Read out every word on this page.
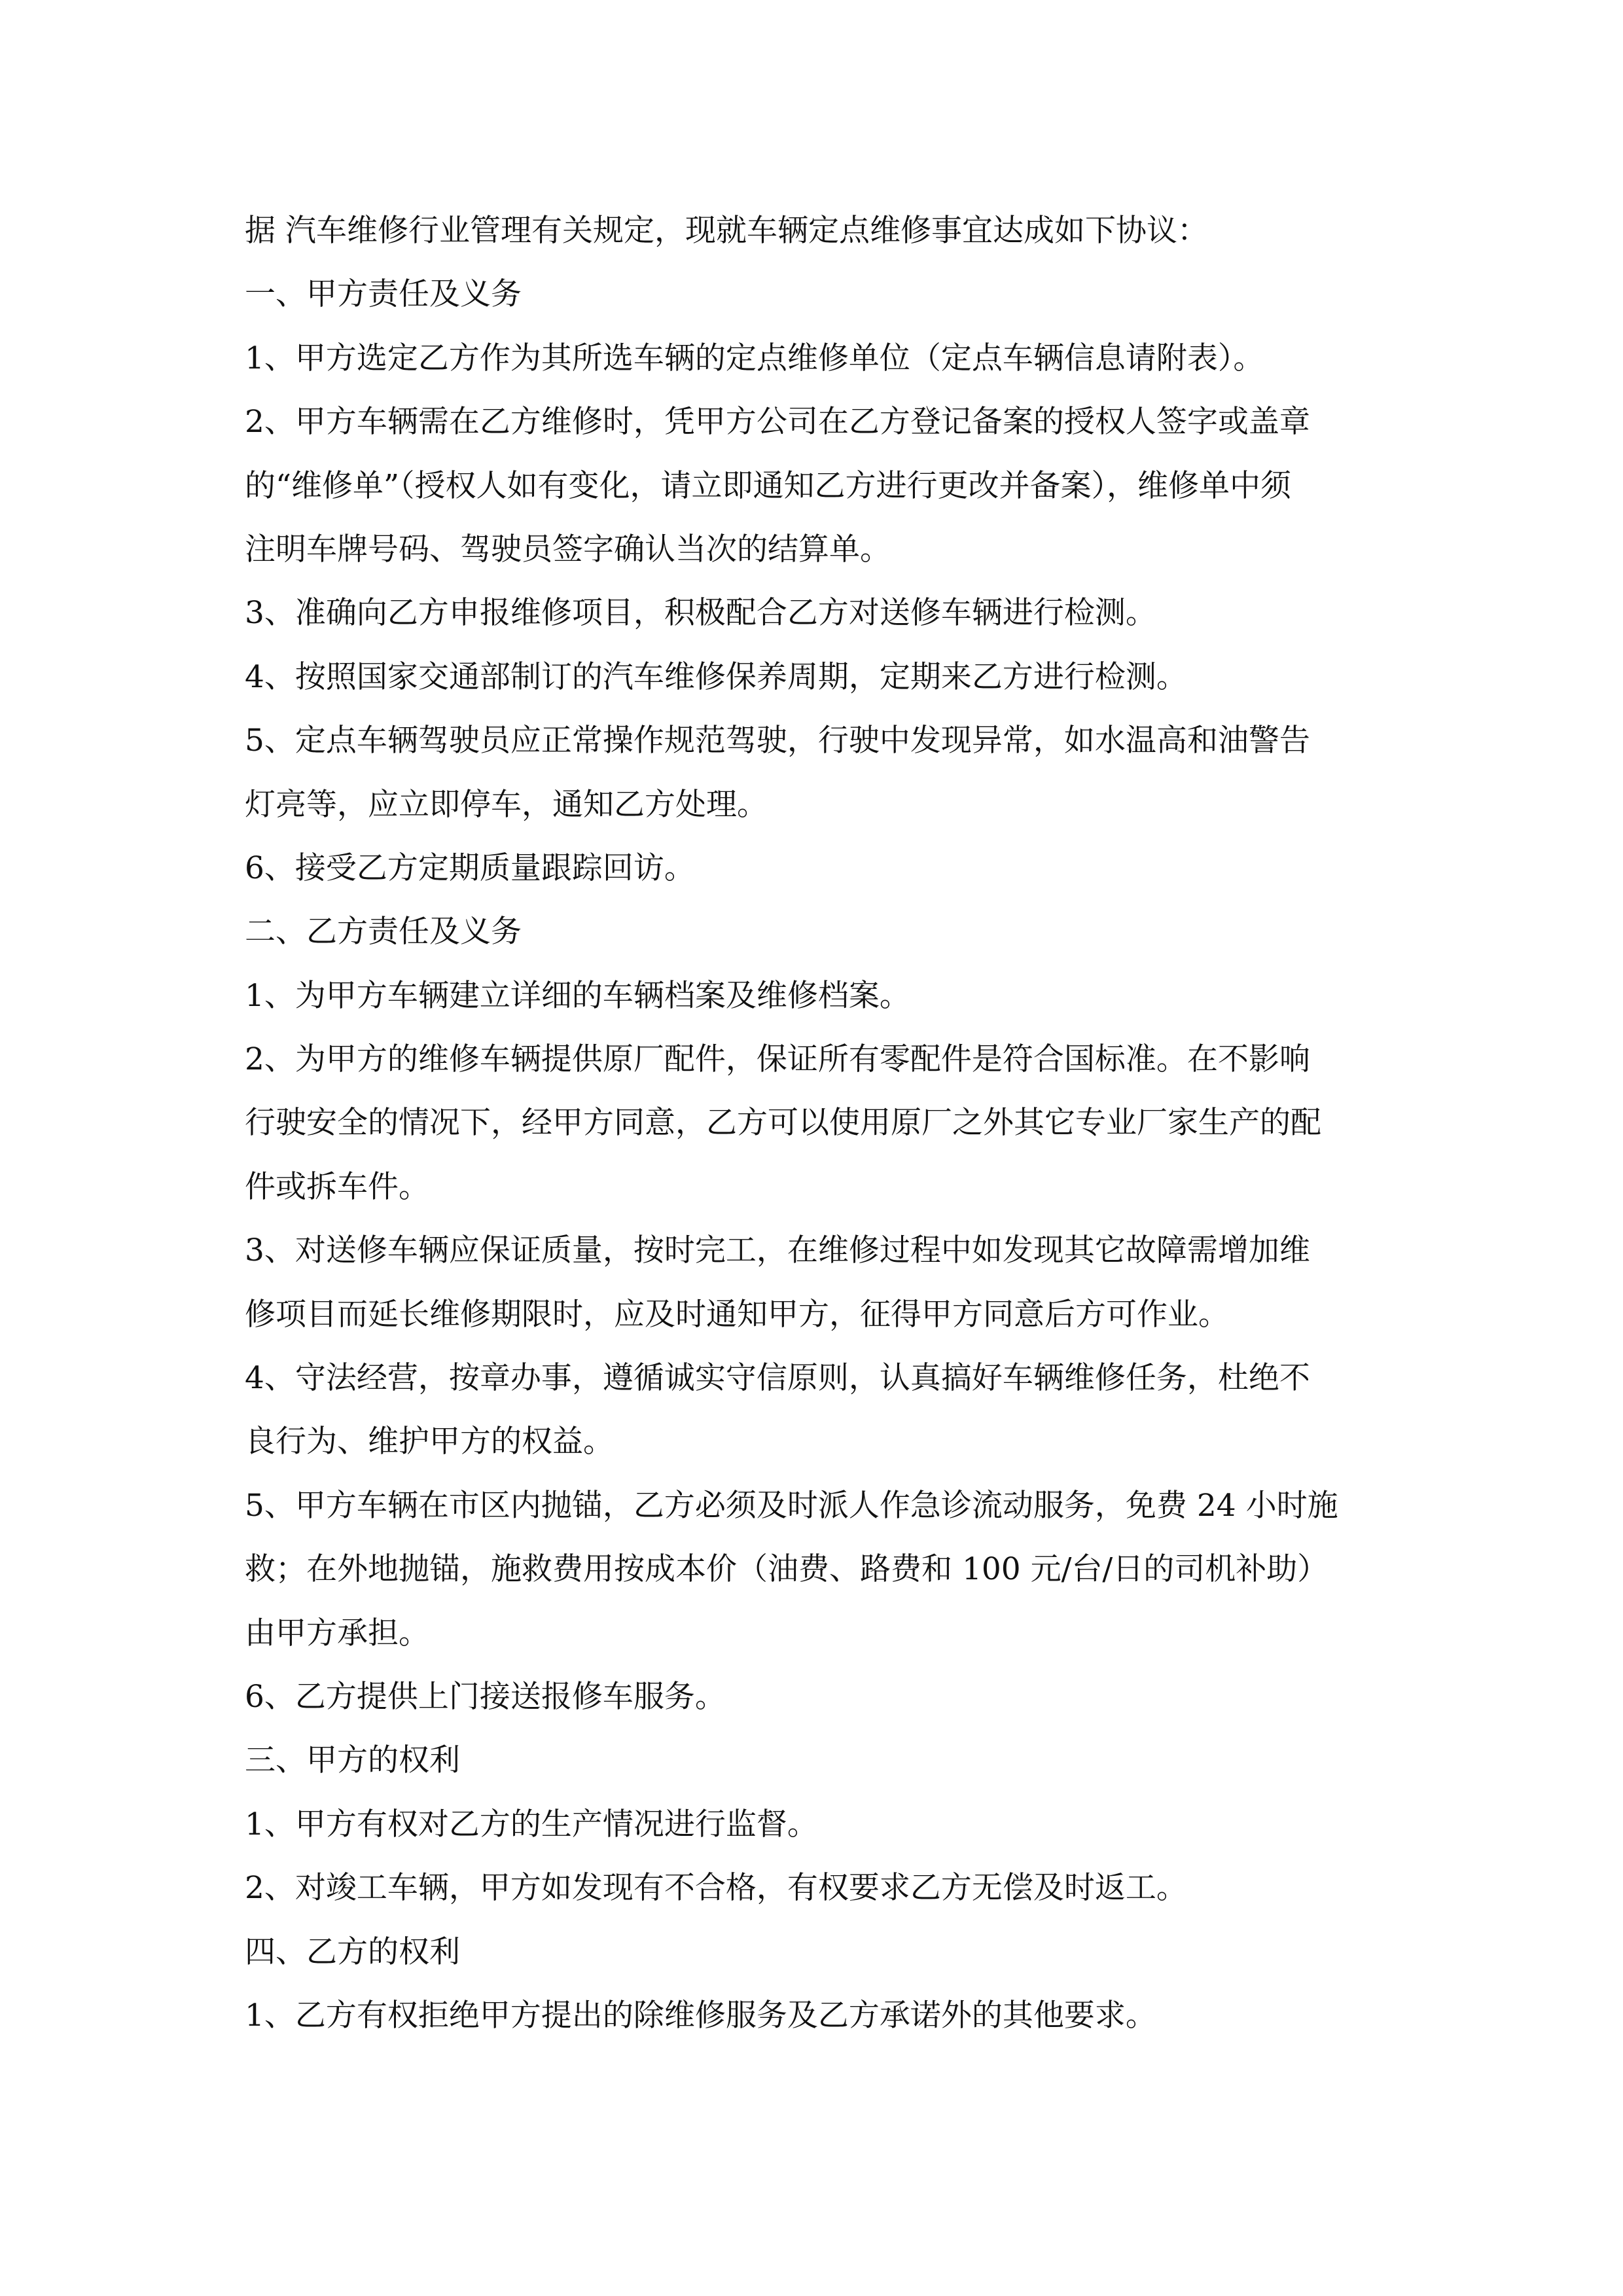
据 汽车维修行业管理有关规定，现就车辆定点维修事宜达成如下协议：
一、甲方责任及义务
1、甲方选定乙方作为其所选车辆的定点维修单位（定点车辆信息请附表）。
2、甲方车辆需在乙方维修时，凭甲方公司在乙方登记备案的授权人签字或盖章
的“维修单”（授权人如有变化，请立即通知乙方进行更改并备案），维修单中须
注明车牌号码、驾驶员签字确认当次的结算单。
3、准确向乙方申报维修项目，积极配合乙方对送修车辆进行检测。
4、按照国家交通部制订的汽车维修保养周期，定期来乙方进行检测。
5、定点车辆驾驶员应正常操作规范驾驶，行驶中发现异常，如水温高和油警告
灯亮等，应立即停车，通知乙方处理。
6、接受乙方定期质量跟踪回访。
二、乙方责任及义务
1、为甲方车辆建立详细的车辆档案及维修档案。
2、为甲方的维修车辆提供原厂配件，保证所有零配件是符合国标准。在不影响
行驶安全的情况下，经甲方同意，乙方可以使用原厂之外其它专业厂家生产的配
件或拆车件。
3、对送修车辆应保证质量，按时完工，在维修过程中如发现其它故障需增加维
修项目而延长维修期限时，应及时通知甲方，征得甲方同意后方可作业。
4、守法经营，按章办事，遵循诚实守信原则，认真搞好车辆维修任务，杜绝不
良行为、维护甲方的权益。
5、甲方车辆在市区内抛锚，乙方必须及时派人作急诊流动服务，免费 24 小时施
救；在外地抛锚，施救费用按成本价（油费、路费和 100 元/台/日的司机补助）
由甲方承担。
6、乙方提供上门接送报修车服务。
三、甲方的权利
1、甲方有权对乙方的生产情况进行监督。
2、对竣工车辆，甲方如发现有不合格，有权要求乙方无偿及时返工。
四、乙方的权利
1、乙方有权拒绝甲方提出的除维修服务及乙方承诺外的其他要求。
